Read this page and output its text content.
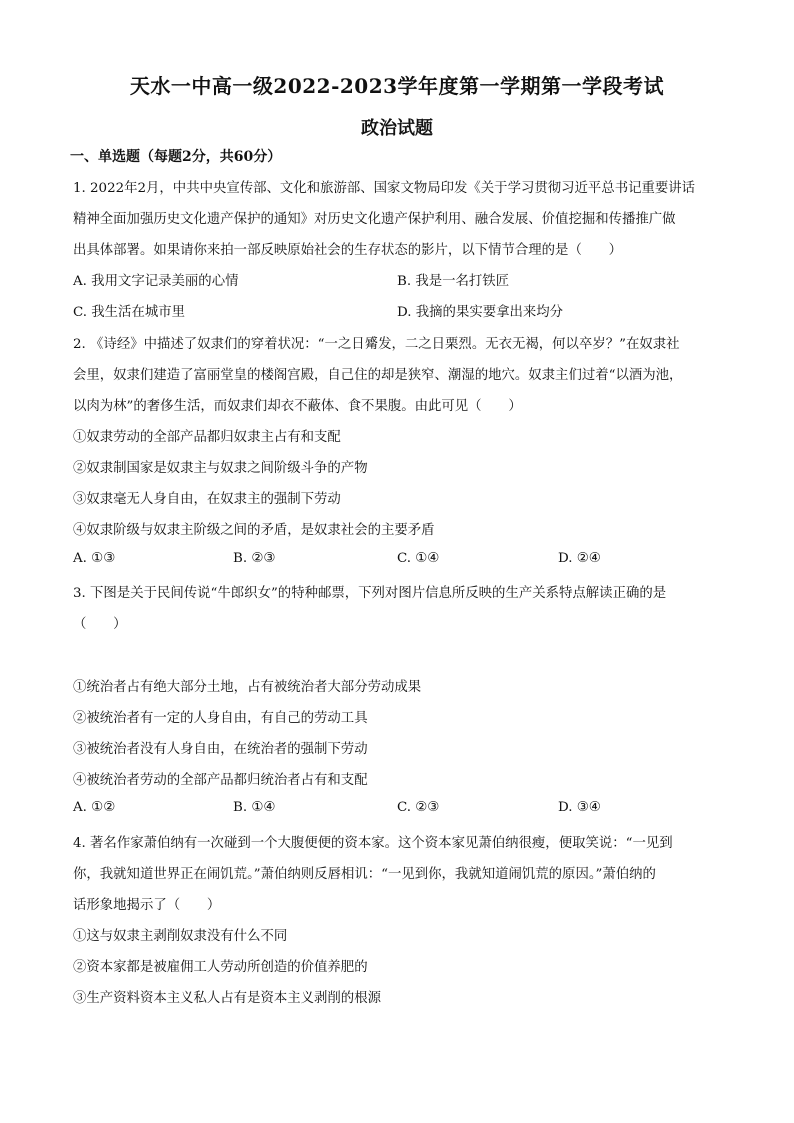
天水一中高一级2022-2023学年度第一学期第一学段考试
政治试题
一、单选题（每题2分，共60分）
1. 2022年2月，中共中央宣传部、文化和旅游部、国家文物局印发《关于学习贯彻习近平总书记重要讲话
精神全面加强历史文化遗产保护的通知》对历史文化遗产保护利用、融合发展、价值挖掘和传播推广做
出具体部署。如果请你来拍一部反映原始社会的生存状态的影片，以下情节合理的是（　　）
A. 我用文字记录美丽的心情	B. 我是一名打铁匠
C. 我生活在城市里	D. 我摘的果实要拿出来均分
2. 《诗经》中描述了奴隶们的穿着状况：“一之日觱发，二之日栗烈。无衣无褐，何以卒岁？”在奴隶社
会里，奴隶们建造了富丽堂皇的楼阁宫殿，自己住的却是狭窄、潮湿的地穴。奴隶主们过着“以酒为池，
以肉为林”的奢侈生活，而奴隶们却衣不蔽体、食不果腹。由此可见（　　）
①奴隶劳动的全部产品都归奴隶主占有和支配
②奴隶制国家是奴隶主与奴隶之间阶级斗争的产物
③奴隶毫无人身自由，在奴隶主的强制下劳动
④奴隶阶级与奴隶主阶级之间的矛盾，是奴隶社会的主要矛盾
A. ①③	B. ②③	C. ①④	D. ②④
3. 下图是关于民间传说“牛郎织女”的特种邮票，下列对图片信息所反映的生产关系特点解读正确的是
（　　）
①统治者占有绝大部分土地，占有被统治者大部分劳动成果
②被统治者有一定的人身自由，有自己的劳动工具
③被统治者没有人身自由，在统治者的强制下劳动
④被统治者劳动的全部产品都归统治者占有和支配
A. ①②	B. ①④	C. ②③	D. ③④
4. 著名作家萧伯纳有一次碰到一个大腹便便的资本家。这个资本家见萧伯纳很瘦，便取笑说：“一见到
你，我就知道世界正在闹饥荒。”萧伯纳则反唇相讥：“一见到你，我就知道闹饥荒的原因。”萧伯纳的
话形象地揭示了（　　）
①这与奴隶主剥削奴隶没有什么不同
②资本家都是被雇佣工人劳动所创造的价值养肥的
③生产资料资本主义私人占有是资本主义剥削的根源
